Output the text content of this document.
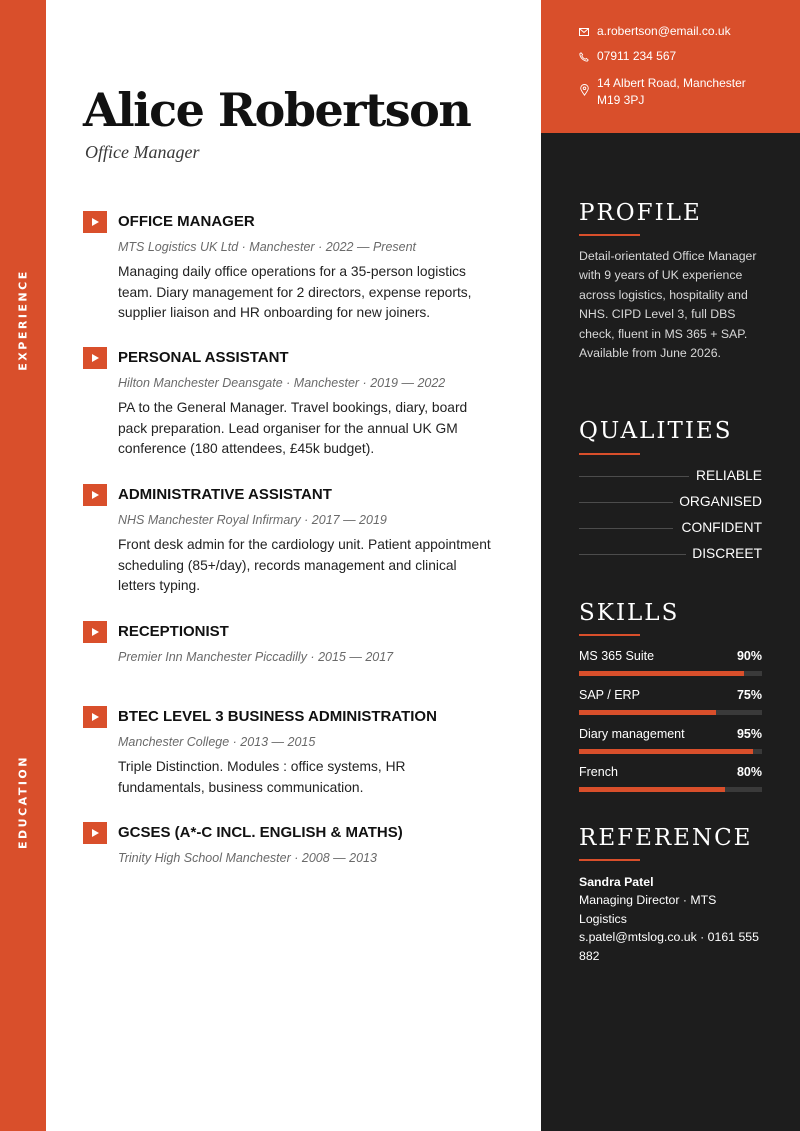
EXPERIENCE
EDUCATION
a.robertson@email.co.uk
07911 234 567
14 Albert Road, Manchester M19 3PJ
Alice Robertson
Office Manager
OFFICE MANAGER
MTS Logistics UK Ltd · Manchester · 2022 — Present
Managing daily office operations for a 35-person logistics team. Diary management for 2 directors, expense reports, supplier liaison and HR onboarding for new joiners.
PERSONAL ASSISTANT
Hilton Manchester Deansgate · Manchester · 2019 — 2022
PA to the General Manager. Travel bookings, diary, board pack preparation. Lead organiser for the annual UK GM conference (180 attendees, £45k budget).
ADMINISTRATIVE ASSISTANT
NHS Manchester Royal Infirmary · 2017 — 2019
Front desk admin for the cardiology unit. Patient appointment scheduling (85+/day), records management and clinical letters typing.
RECEPTIONIST
Premier Inn Manchester Piccadilly · 2015 — 2017
BTEC LEVEL 3 BUSINESS ADMINISTRATION
Manchester College · 2013 — 2015
Triple Distinction. Modules : office systems, HR fundamentals, business communication.
GCSES (A*-C INCL. ENGLISH & MATHS)
Trinity High School Manchester · 2008 — 2013
PROFILE
Detail-orientated Office Manager with 9 years of UK experience across logistics, hospitality and NHS. CIPD Level 3, full DBS check, fluent in MS 365 + SAP. Available from June 2026.
QUALITIES
RELIABLE
ORGANISED
CONFIDENT
DISCREET
SKILLS
MS 365 Suite	90%
SAP / ERP	75%
Diary management	95%
French	80%
REFERENCE
Sandra Patel
Managing Director · MTS Logistics
s.patel@mtslog.co.uk · 0161 555 882
